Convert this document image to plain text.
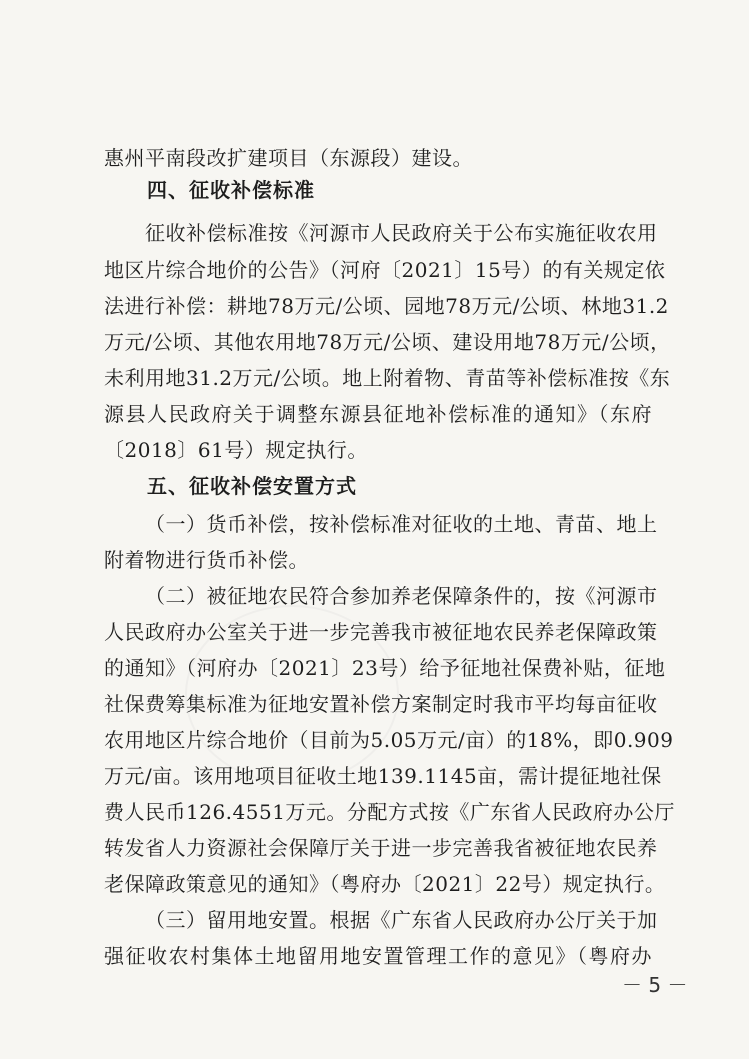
惠州平南段改扩建项目（东源段）建设。
四、征收补偿标准
征收补偿标准按《河源市人民政府关于公布实施征收农用
地区片综合地价的公告》（河府〔2021〕15号）的有关规定依
法进行补偿：耕地78万元/公顷、园地78万元/公顷、林地31.2
万元/公顷、其他农用地78万元/公顷、建设用地78万元/公顷，
未利用地31.2万元/公顷。地上附着物、青苗等补偿标准按《东
源县人民政府关于调整东源县征地补偿标准的通知》（东府
〔2018〕61号）规定执行。
五、征收补偿安置方式
（一）货币补偿，按补偿标准对征收的土地、青苗、地上
附着物进行货币补偿。
（二）被征地农民符合参加养老保障条件的，按《河源市
人民政府办公室关于进一步完善我市被征地农民养老保障政策
的通知》（河府办〔2021〕23号）给予征地社保费补贴，征地
社保费筹集标准为征地安置补偿方案制定时我市平均每亩征收
农用地区片综合地价（目前为5.05万元/亩）的18%，即0.909
万元/亩。该用地项目征收土地139.1145亩，需计提征地社保
费人民币126.4551万元。分配方式按《广东省人民政府办公厅
转发省人力资源社会保障厅关于进一步完善我省被征地农民养
老保障政策意见的通知》（粤府办〔2021〕22号）规定执行。
（三）留用地安置。根据《广东省人民政府办公厅关于加
强征收农村集体土地留用地安置管理工作的意见》（粤府办
－ 5 －
